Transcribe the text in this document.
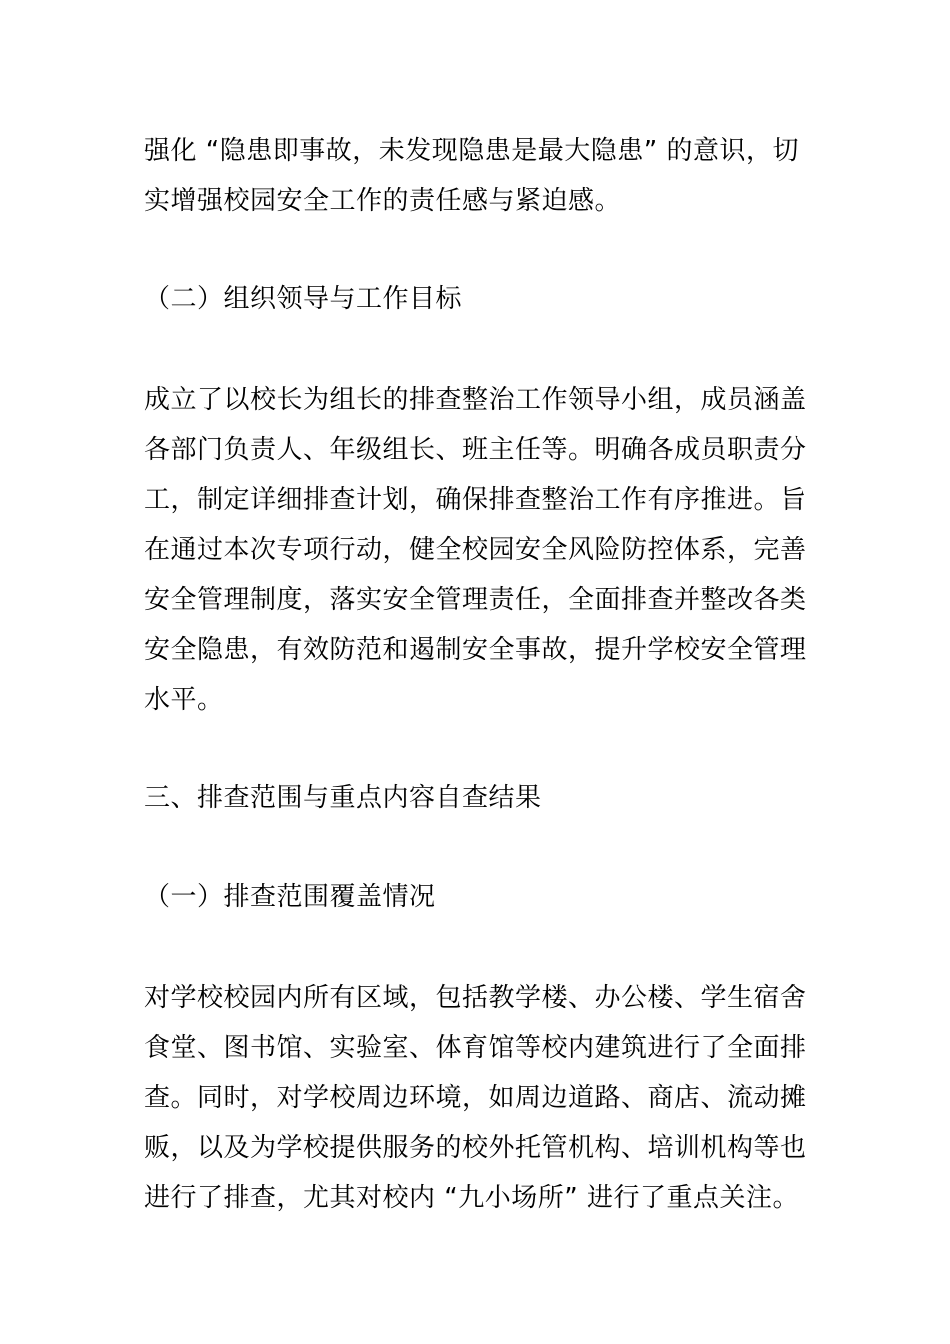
强化 “隐患即事故，未发现隐患是最大隐患” 的意识，切
实增强校园安全工作的责任感与紧迫感。

（二）组织领导与工作目标

成立了以校长为组长的排查整治工作领导小组，成员涵盖
各部门负责人、年级组长、班主任等。明确各成员职责分
工，制定详细排查计划，确保排查整治工作有序推进。旨
在通过本次专项行动，健全校园安全风险防控体系，完善
安全管理制度，落实安全管理责任，全面排查并整改各类
安全隐患，有效防范和遏制安全事故，提升学校安全管理
水平。

三、排查范围与重点内容自查结果

（一）排查范围覆盖情况

对学校校园内所有区域，包括教学楼、办公楼、学生宿舍
食堂、图书馆、实验室、体育馆等校内建筑进行了全面排
查。同时，对学校周边环境，如周边道路、商店、流动摊
贩，以及为学校提供服务的校外托管机构、培训机构等也
进行了排查，尤其对校内 “九小场所” 进行了重点关注。
